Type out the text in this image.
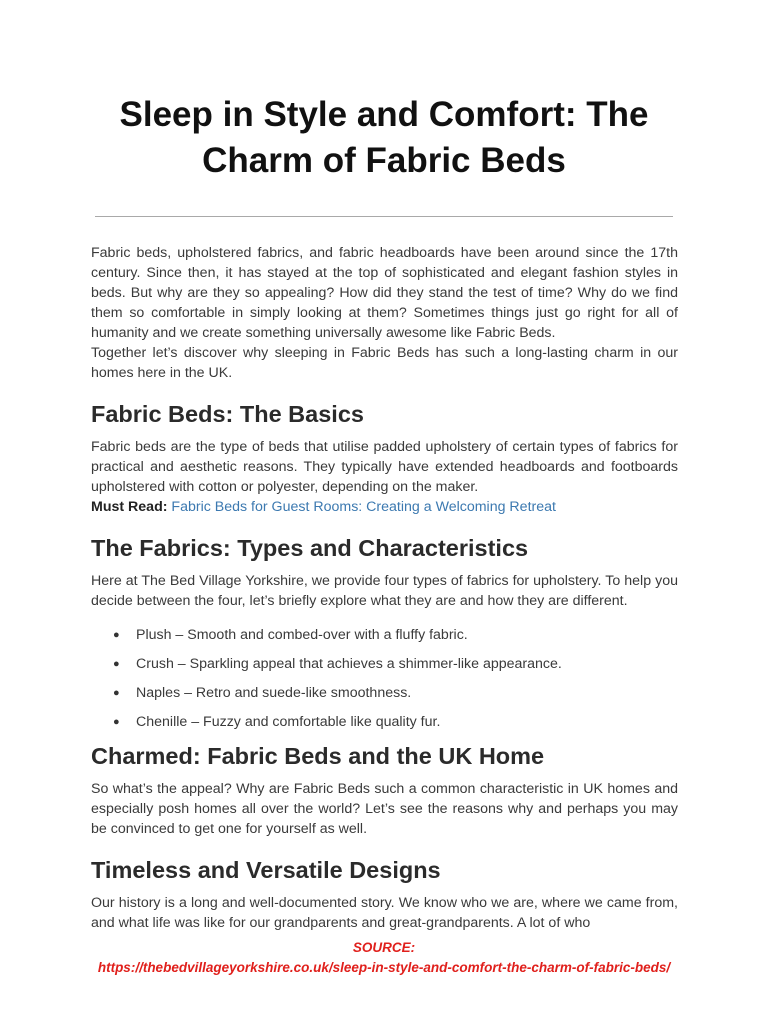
Sleep in Style and Comfort: The Charm of Fabric Beds

Fabric beds, upholstered fabrics, and fabric headboards have been around since the 17th century. Since then, it has stayed at the top of sophisticated and elegant fashion styles in beds. But why are they so appealing? How did they stand the test of time? Why do we find them so comfortable in simply looking at them? Sometimes things just go right for all of humanity and we create something universally awesome like Fabric Beds.

Together let’s discover why sleeping in Fabric Beds has such a long-lasting charm in our homes here in the UK.

Fabric Beds: The Basics

Fabric beds are the type of beds that utilise padded upholstery of certain types of fabrics for practical and aesthetic reasons. They typically have extended headboards and footboards upholstered with cotton or polyester, depending on the maker.

Must Read: Fabric Beds for Guest Rooms: Creating a Welcoming Retreat
The Fabrics: Types and Characteristics

Here at The Bed Village Yorkshire, we provide four types of fabrics for upholstery. To help you decide between the four, let’s briefly explore what they are and how they are different.

● Plush – Smooth and combed-over with a fluffy fabric.
● Crush – Sparkling appeal that achieves a shimmer-like appearance.
● Naples – Retro and suede-like smoothness.
● Chenille – Fuzzy and comfortable like quality fur.
Charmed: Fabric Beds and the UK Home

So what’s the appeal? Why are Fabric Beds such a common characteristic in UK homes and especially posh homes all over the world? Let’s see the reasons why and perhaps you may be convinced to get one for yourself as well.

Timeless and Versatile Designs

Our history is a long and well-documented story. We know who we are, where we came from, and what life was like for our grandparents and great-grandparents. A lot of who

SOURCE:
https://thebedvillageyorkshire.co.uk/sleep-in-style-and-comfort-the-charm-of-fabric-beds/
